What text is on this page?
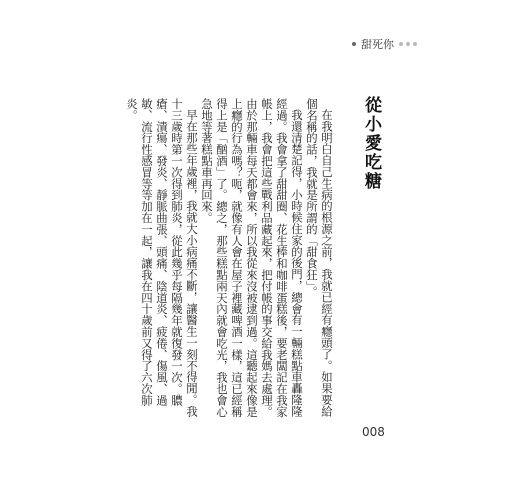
甜死你
從小愛吃糖

在我明白自己生病的根源之前，我就已經有癮頭了。如果要給個名稱的話，我就是所謂的「甜食狂」。

我還清楚記得，小時候住家的後門，總會有一輛糕點車轟隆隆經過。我會拿了甜甜圈、花生棒和咖啡蛋糕後，要老闆記在我家帳上，我會把這些戰利品藏起來，把付帳的事交給我媽去處理。由於那輛車每天都會來，所以我從來沒被逮到過。這聽起來像是上癮的行為嗎？呃，就像有人會在屋子裡藏啤酒一樣，這已經稱得上是「酗酒」了。總之，那些糕點兩天內就會吃光，我也會心急地等著糕點車再回來。

早在那些年歲裡，我就大小病痛不斷，讓醫生一刻不得閒。我十三歲時第一次得到肺炎，從此幾乎每隔幾年就復發一次。膿瘡、潰瘍、發炎、靜脈曲張、頭痛、陰道炎、疲倦、傷風、過敏、流行性感冒等等加在一起，讓我在四十歲前又得了六次肺炎。

008
